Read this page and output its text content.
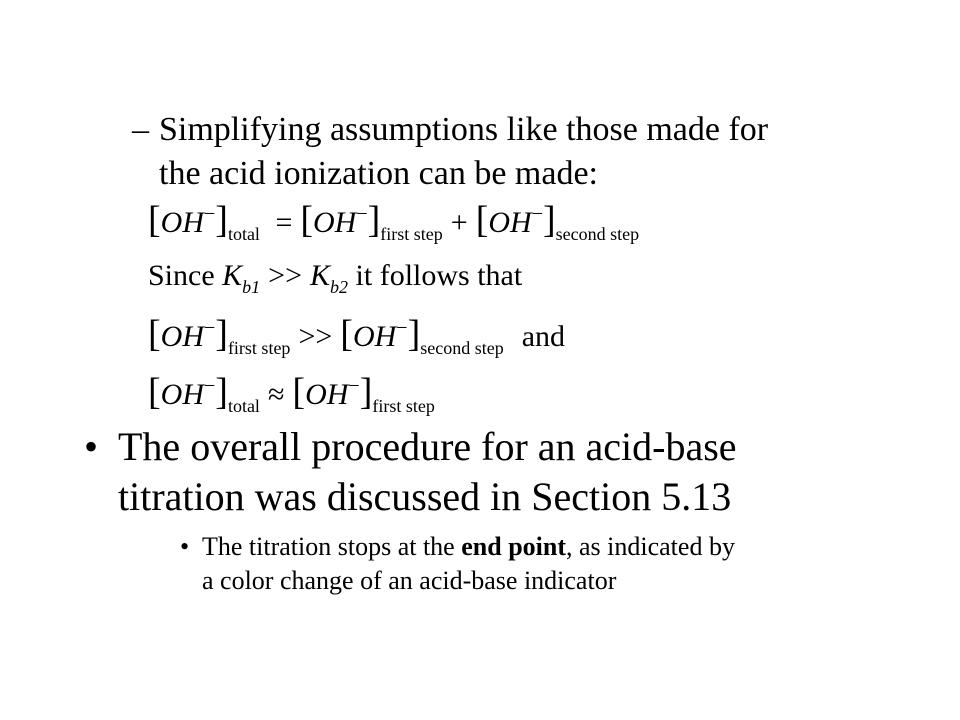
– Simplifying assumptions like those made for
the acid ionization can be made:
$[OH^-]_{total} = [OH^-]_{first step} + [OH^-]_{second step}$
Since $K_{b1} >> K_{b2}$ it follows that
$[OH^-]_{first step} >> [OH^-]_{second step}$ and
$[OH^-]_{total} \approx [OH^-]_{first step}$
• The overall procedure for an acid-base
titration was discussed in Section 5.13
• The titration stops at the end point, as indicated by
a color change of an acid-base indicator
